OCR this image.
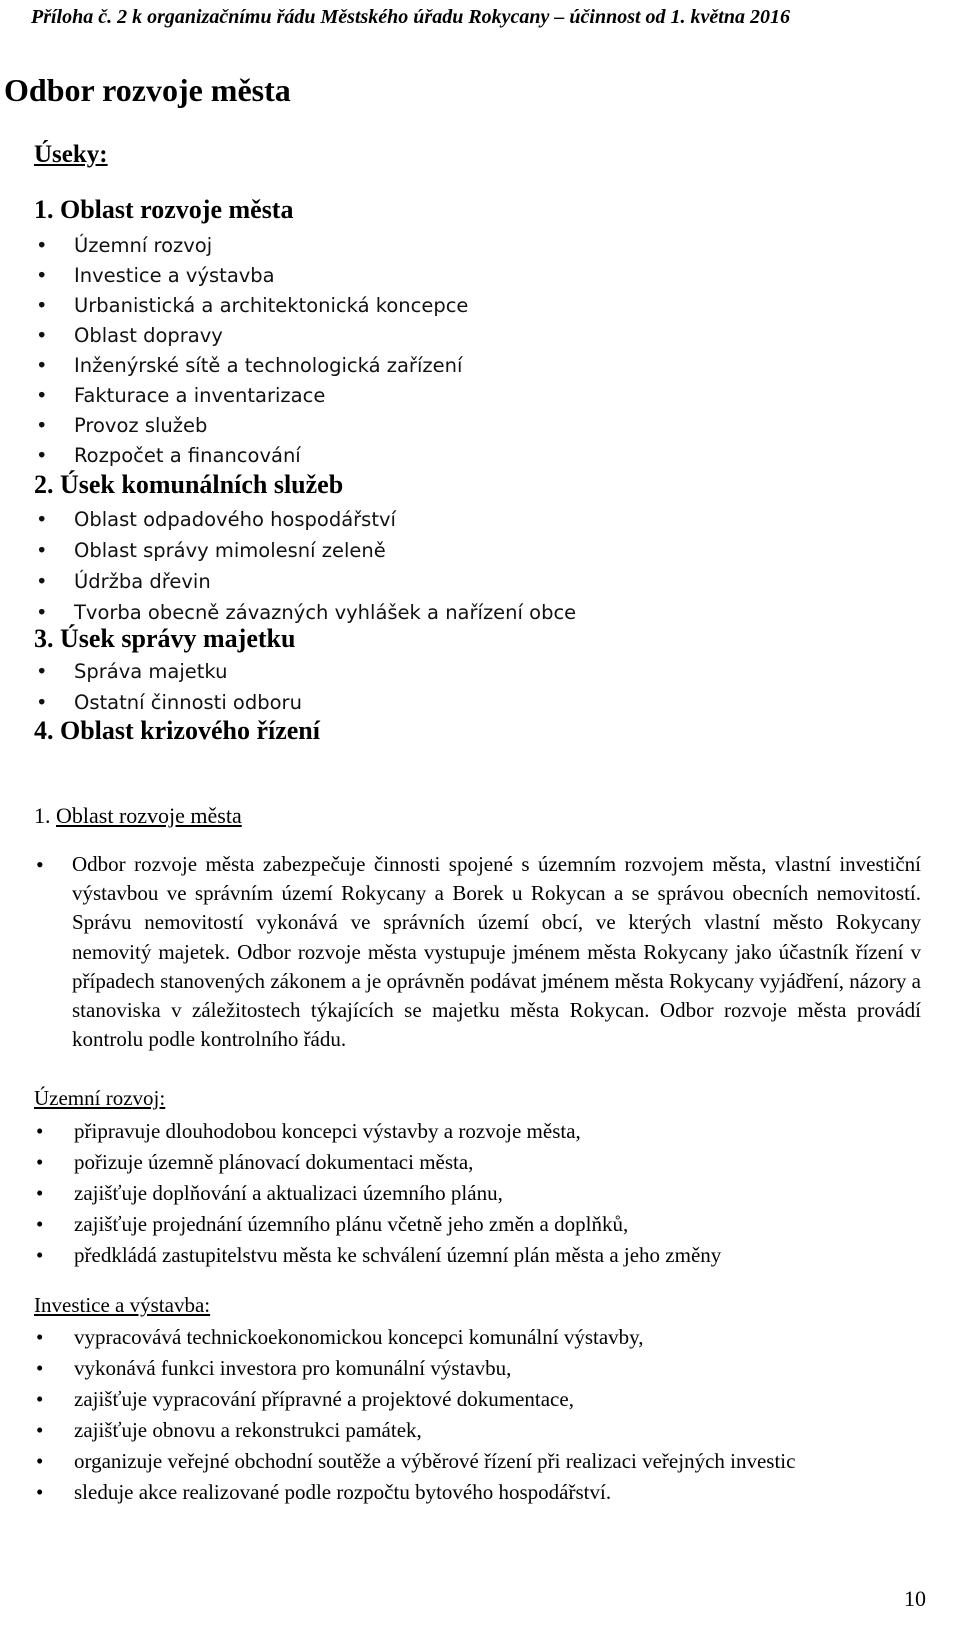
Příloha č. 2 k organizačnímu řádu Městského úřadu Rokycany – účinnost od 1. května 2016
Odbor rozvoje města
Úseky:
1. Oblast rozvoje města
• Územní rozvoj
• Investice a výstavba
• Urbanistická a architektonická koncepce
• Oblast dopravy
• Inženýrské sítě a technologická zařízení
• Fakturace a inventarizace
• Provoz služeb
• Rozpočet a financování
2. Úsek komunálních služeb
• Oblast odpadového hospodářství
• Oblast správy mimolesní zeleně
• Údržba dřevin
• Tvorba obecně závazných vyhlášek a nařízení obce
3. Úsek správy majetku
• Správa majetku
• Ostatní činnosti odboru
4. Oblast krizového řízení
1. Oblast rozvoje města
• Odbor rozvoje města zabezpečuje činnosti spojené s územním rozvojem města, vlastní investiční výstavbou ve správním území Rokycany a Borek u Rokycan a se správou obecních nemovitostí. Správu nemovitostí vykonává ve správních území obcí, ve kterých vlastní město Rokycany nemovitý majetek. Odbor rozvoje města vystupuje jménem města Rokycany jako účastník řízení v případech stanovených zákonem a je oprávněn podávat jménem města Rokycany vyjádření, názory a stanoviska v záležitostech týkajících se majetku města Rokycan. Odbor rozvoje města provádí kontrolu podle kontrolního řádu.
Územní rozvoj:
• připravuje dlouhodobou koncepci výstavby a rozvoje města,
• pořizuje územně plánovací dokumentaci města,
• zajišťuje doplňování a aktualizaci územního plánu,
• zajišťuje projednání územního plánu včetně jeho změn a doplňků,
• předkládá zastupitelstvu města ke schválení územní plán města a jeho změny
Investice a výstavba:
• vypracovává technickoekonomickou koncepci komunální výstavby,
• vykonává funkci investora pro komunální výstavbu,
• zajišťuje vypracování přípravné a projektové dokumentace,
• zajišťuje obnovu a rekonstrukci památek,
• organizuje veřejné obchodní soutěže a výběrové řízení při realizaci veřejných investic
• sleduje akce realizované podle rozpočtu bytového hospodářství.
10
